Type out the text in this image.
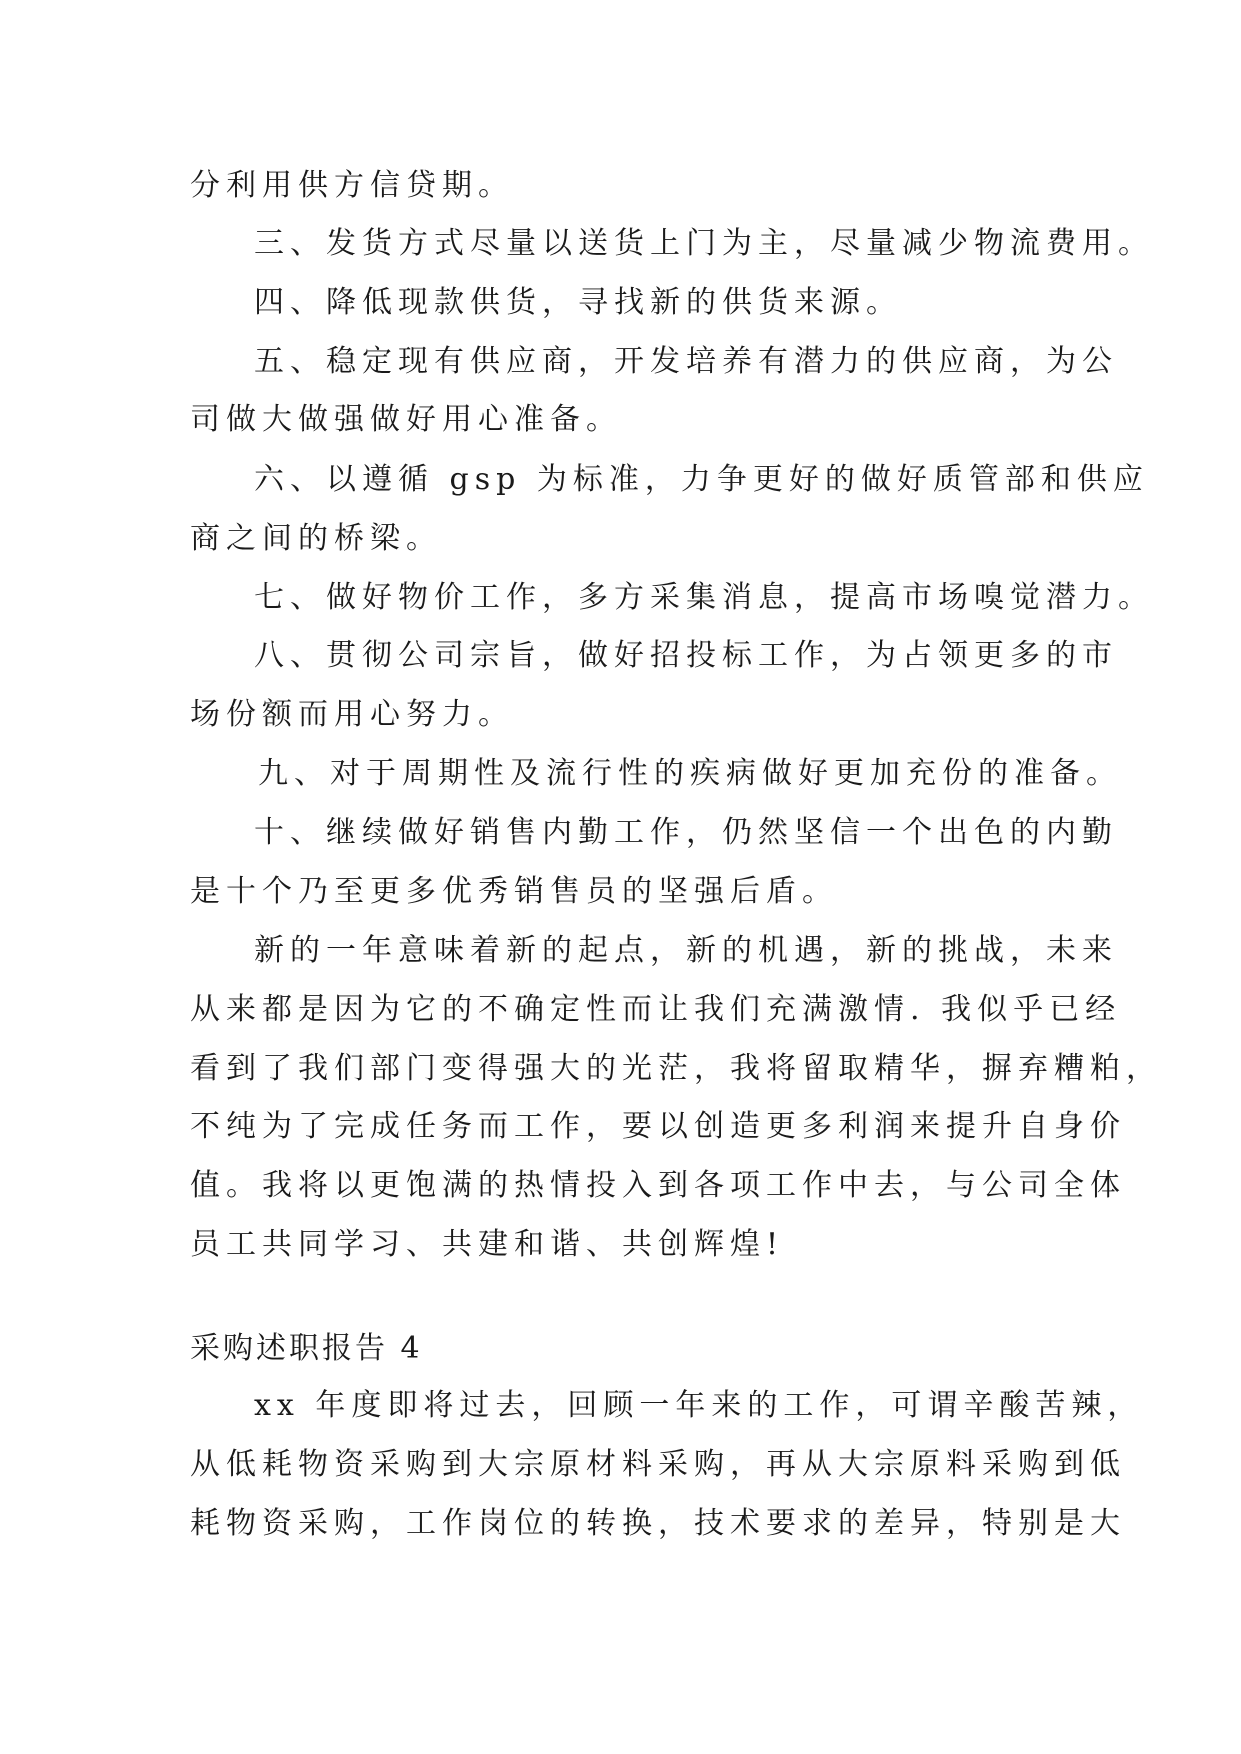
分利用供方信贷期。
三、发货方式尽量以送货上门为主，尽量减少物流费用。
四、降低现款供货，寻找新的供货来源。
五、稳定现有供应商，开发培养有潜力的供应商，为公
司做大做强做好用心准备。
六、以遵循 gsp 为标准，力争更好的做好质管部和供应
商之间的桥梁。
七、做好物价工作，多方采集消息，提高市场嗅觉潜力。
八、贯彻公司宗旨，做好招投标工作，为占领更多的市
场份额而用心努力。
九、对于周期性及流行性的疾病做好更加充份的准备。
十、继续做好销售内勤工作，仍然坚信一个出色的内勤
是十个乃至更多优秀销售员的坚强后盾。
新的一年意味着新的起点，新的机遇，新的挑战，未来
从来都是因为它的不确定性而让我们充满激情. 我似乎已经
看到了我们部门变得强大的光茫，我将留取精华，摒弃糟粕，
不纯为了完成任务而工作，要以创造更多利润来提升自身价
值。我将以更饱满的热情投入到各项工作中去，与公司全体
员工共同学习、共建和谐、共创辉煌!
采购述职报告 4
xx 年度即将过去，回顾一年来的工作，可谓辛酸苦辣，
从低耗物资采购到大宗原材料采购，再从大宗原料采购到低
耗物资采购，工作岗位的转换，技术要求的差异，特别是大
